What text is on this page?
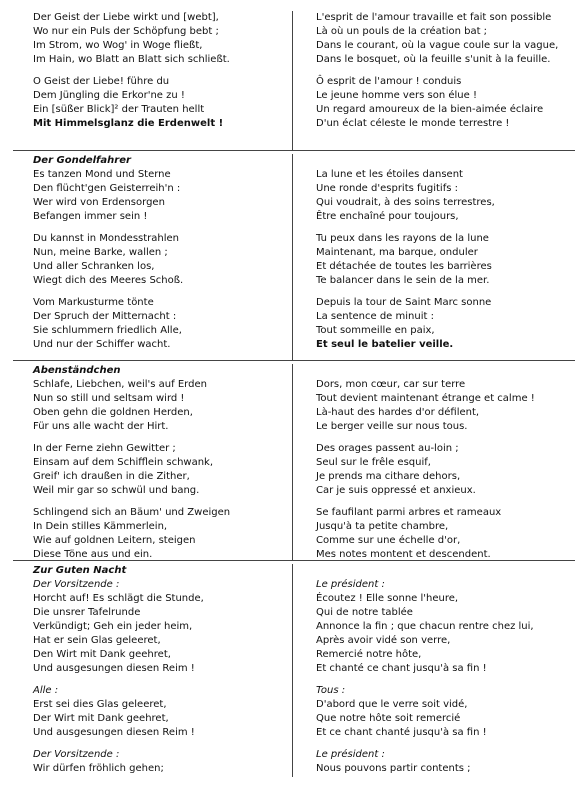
Der Geist der Liebe wirkt und [webt],
Wo nur ein Puls der Schöpfung bebt ;
Im Strom, wo Wog' in Woge fließt,
Im Hain, wo Blatt an Blatt sich schließt.
O Geist der Liebe! führe du
Dem Jüngling die Erkor'ne zu !
Ein [süßer Blick]² der Trauten hellt
Mit Himmelsglanz die Erdenwelt !
L'esprit de l'amour travaille et fait son possible
Là où un pouls de la création bat ;
Dans le courant, où la vague coule sur la vague,
Dans le bosquet, où la feuille s'unit à la feuille.
Ô esprit de l'amour ! conduis
Le jeune homme vers son élue !
Un regard amoureux de la bien-aimée éclaire
D'un éclat céleste le monde terrestre !
Der Gondelfahrer
Es tanzen Mond und Sterne
Den flücht'gen Geisterreih'n :
Wer wird von Erdensorgen
Befangen immer sein !
Du kannst in Mondesstrahlen
Nun, meine Barke, wallen ;
Und aller Schranken los,
Wiegt dich des Meeres Schoß.
Vom Markusturme tönte
Der Spruch der Mitternacht :
Sie schlummern friedlich Alle,
Und nur der Schiffer wacht.
La lune et les étoiles dansent
Une ronde d'esprits fugitifs :
Qui voudrait, à des soins terrestres,
Être enchaîné pour toujours,
Tu peux dans les rayons de la lune
Maintenant, ma barque, onduler
Et détachée de toutes les barrières
Te balancer dans le sein de la mer.
Depuis la tour de Saint Marc sonne
La sentence de minuit :
Tout sommeille en paix,
Et seul le batelier veille.
Abenständchen
Schlafe, Liebchen, weil's auf Erden
Nun so still und seltsam wird !
Oben gehn die goldnen Herden,
Für uns alle wacht der Hirt.
In der Ferne ziehn Gewitter ;
Einsam auf dem Schifflein schwank,
Greif' ich draußen in die Zither,
Weil mir gar so schwül und bang.
Schlingend sich an Bäum' und Zweigen
In Dein stilles Kämmerlein,
Wie auf goldnen Leitern, steigen
Diese Töne aus und ein.
Dors, mon cœur, car sur terre
Tout devient maintenant étrange et calme !
Là-haut des hardes d'or défilent,
Le berger veille sur nous tous.
Des orages passent au-loin ;
Seul sur le frêle esquif,
Je prends ma cithare dehors,
Car je suis oppressé et anxieux.
Se faufilant parmi arbres et rameaux
Jusqu'à ta petite chambre,
Comme sur une échelle d'or,
Mes notes montent et descendent.
Zur Guten Nacht
Der Vorsitzende :
Horcht auf! Es schlägt die Stunde,
Die unsrer Tafelrunde
Verkündigt; Geh ein jeder heim,
Hat er sein Glas geleeret,
Den Wirt mit Dank geehret,
Und ausgesungen diesen Reim !
Alle :
Erst sei dies Glas geleeret,
Der Wirt mit Dank geehret,
Und ausgesungen diesen Reim !
Der Vorsitzende :
Wir dürfen fröhlich gehen;
Le président :
Écoutez ! Elle sonne l'heure,
Qui de notre tablée
Annonce la fin ; que chacun rentre chez lui,
Après avoir vidé son verre,
Remercié notre hôte,
Et chanté ce chant jusqu'à sa fin !
Tous :
D'abord que le verre soit vidé,
Que notre hôte soit remercié
Et ce chant chanté jusqu'à sa fin !
Le président :
Nous pouvons partir contents ;
